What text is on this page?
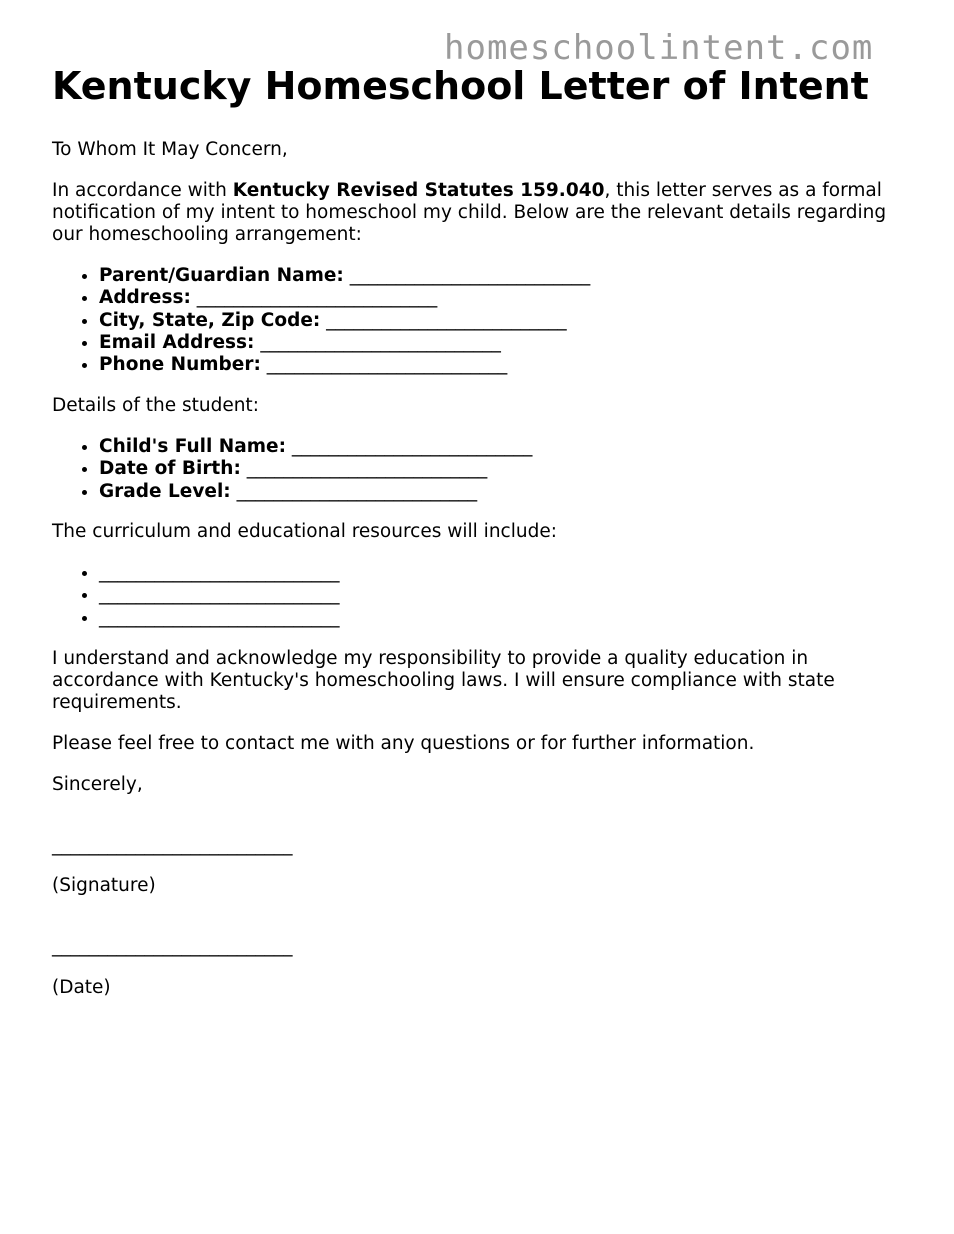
homeschoolintent.com
Kentucky Homeschool Letter of Intent

To Whom It May Concern,

In accordance with Kentucky Revised Statutes 159.040, this letter serves as a formal notification of my intent to homeschool my child. Below are the relevant details regarding our homeschooling arrangement:

• Parent/Guardian Name: __________________________
• Address: __________________________
• City, State, Zip Code: __________________________
• Email Address: __________________________
• Phone Number: __________________________

Details of the student:

• Child's Full Name: __________________________
• Date of Birth: __________________________
• Grade Level: __________________________

The curriculum and educational resources will include:

• __________________________
• __________________________
• __________________________

I understand and acknowledge my responsibility to provide a quality education in accordance with Kentucky's homeschooling laws. I will ensure compliance with state requirements.

Please feel free to contact me with any questions or for further information.

Sincerely,

__________________________

(Signature)

__________________________

(Date)
